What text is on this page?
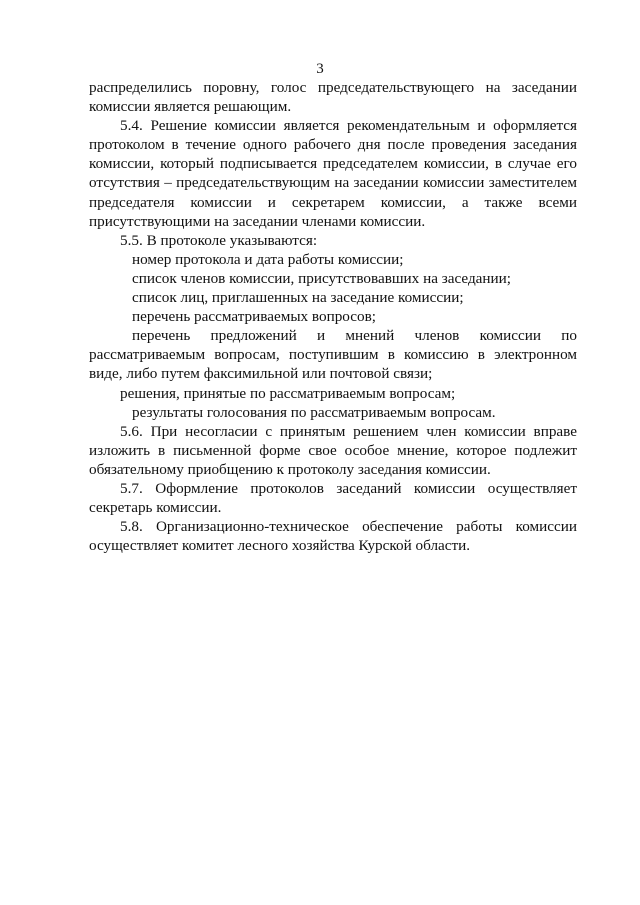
3

распределились поровну, голос председательствующего на заседании комиссии является решающим.

5.4. Решение комиссии является рекомендательным и оформляется протоколом в течение одного рабочего дня после проведения заседания комиссии, который подписывается председателем комиссии, в случае его отсутствия – председательствующим на заседании комиссии заместителем председателя комиссии и секретарем комиссии, а также всеми присутствующими на заседании членами комиссии.

5.5. В протоколе указываются:

номер протокола и дата работы комиссии;

список членов комиссии, присутствовавших на заседании;

список лиц, приглашенных на заседание комиссии;

перечень рассматриваемых вопросов;

перечень предложений и мнений членов комиссии по рассматриваемым вопросам, поступившим в комиссию в электронном виде, либо путем факсимильной или почтовой связи;

решения, принятые по рассматриваемым вопросам;

результаты голосования по рассматриваемым вопросам.

5.6. При несогласии с принятым решением член комиссии вправе изложить в письменной форме свое особое мнение, которое подлежит обязательному приобщению к протоколу заседания комиссии.

5.7. Оформление протоколов заседаний комиссии осуществляет секретарь комиссии.

5.8. Организационно-техническое обеспечение работы комиссии осуществляет комитет лесного хозяйства Курской области.
